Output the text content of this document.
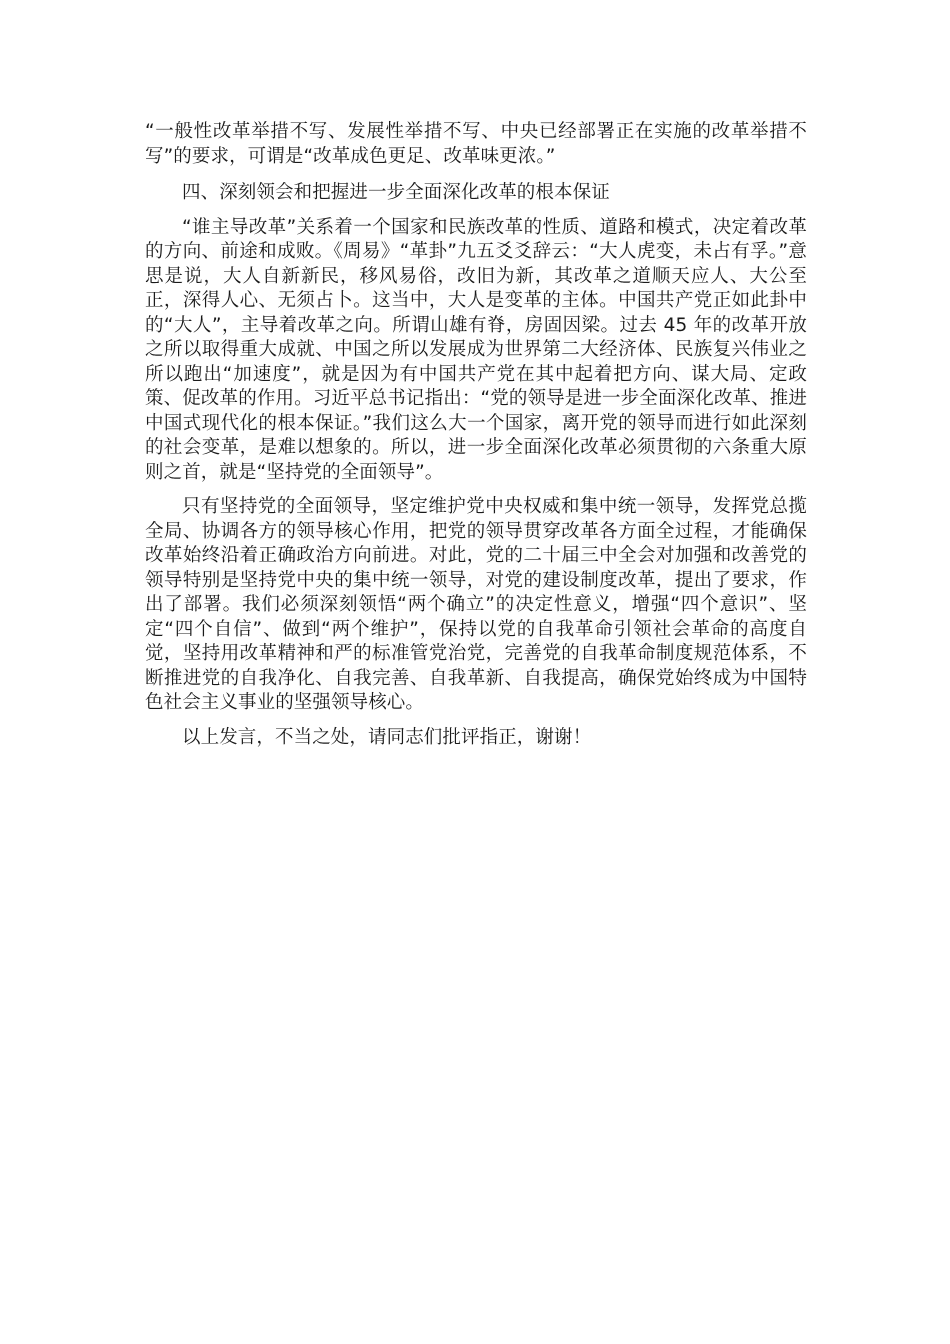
“一般性改革举措不写、发展性举措不写、中央已经部署正在实施的改革举措不写”的要求，可谓是“改革成色更足、改革味更浓。”

四、深刻领会和把握进一步全面深化改革的根本保证

“谁主导改革”关系着一个国家和民族改革的性质、道路和模式，决定着改革的方向、前途和成败。《周易》“革卦”九五爻爻辞云：“大人虎变，未占有孚。”意思是说，大人自新新民，移风易俗，改旧为新，其改革之道顺天应人、大公至正，深得人心、无须占卜。这当中，大人是变革的主体。中国共产党正如此卦中的“大人”，主导着改革之向。所谓山雄有脊，房固因梁。过去 45 年的改革开放之所以取得重大成就、中国之所以发展成为世界第二大经济体、民族复兴伟业之所以跑出“加速度”，就是因为有中国共产党在其中起着把方向、谋大局、定政策、促改革的作用。习近平总书记指出：“党的领导是进一步全面深化改革、推进中国式现代化的根本保证。”我们这么大一个国家，离开党的领导而进行如此深刻的社会变革，是难以想象的。所以，进一步全面深化改革必须贯彻的六条重大原则之首，就是“坚持党的全面领导”。

只有坚持党的全面领导，坚定维护党中央权威和集中统一领导，发挥党总揽全局、协调各方的领导核心作用，把党的领导贯穿改革各方面全过程，才能确保改革始终沿着正确政治方向前进。对此，党的二十届三中全会对加强和改善党的领导特别是坚持党中央的集中统一领导，对党的建设制度改革，提出了要求，作出了部署。我们必须深刻领悟“两个确立”的决定性意义，增强“四个意识”、坚定“四个自信”、做到“两个维护”，保持以党的自我革命引领社会革命的高度自觉，坚持用改革精神和严的标准管党治党，完善党的自我革命制度规范体系，不断推进党的自我净化、自我完善、自我革新、自我提高，确保党始终成为中国特色社会主义事业的坚强领导核心。

以上发言，不当之处，请同志们批评指正，谢谢！
